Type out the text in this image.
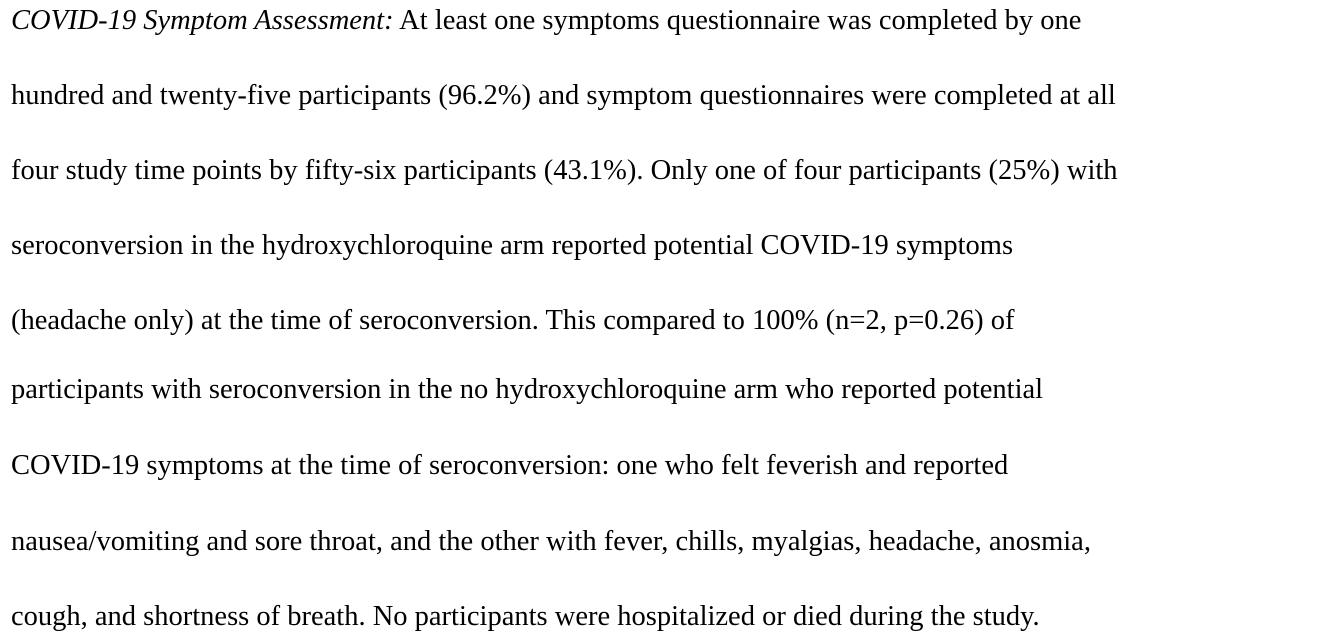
COVID-19 Symptom Assessment: At least one symptoms questionnaire was completed by one
hundred and twenty-five participants (96.2%) and symptom questionnaires were completed at all
four study time points by fifty-six participants (43.1%). Only one of four participants (25%) with
seroconversion in the hydroxychloroquine arm reported potential COVID-19 symptoms
(headache only) at the time of seroconversion. This compared to 100% (n=2, p=0.26) of
participants with seroconversion in the no hydroxychloroquine arm who reported potential
COVID-19 symptoms at the time of seroconversion: one who felt feverish and reported
nausea/vomiting and sore throat, and the other with fever, chills, myalgias, headache, anosmia,
cough, and shortness of breath. No participants were hospitalized or died during the study.
